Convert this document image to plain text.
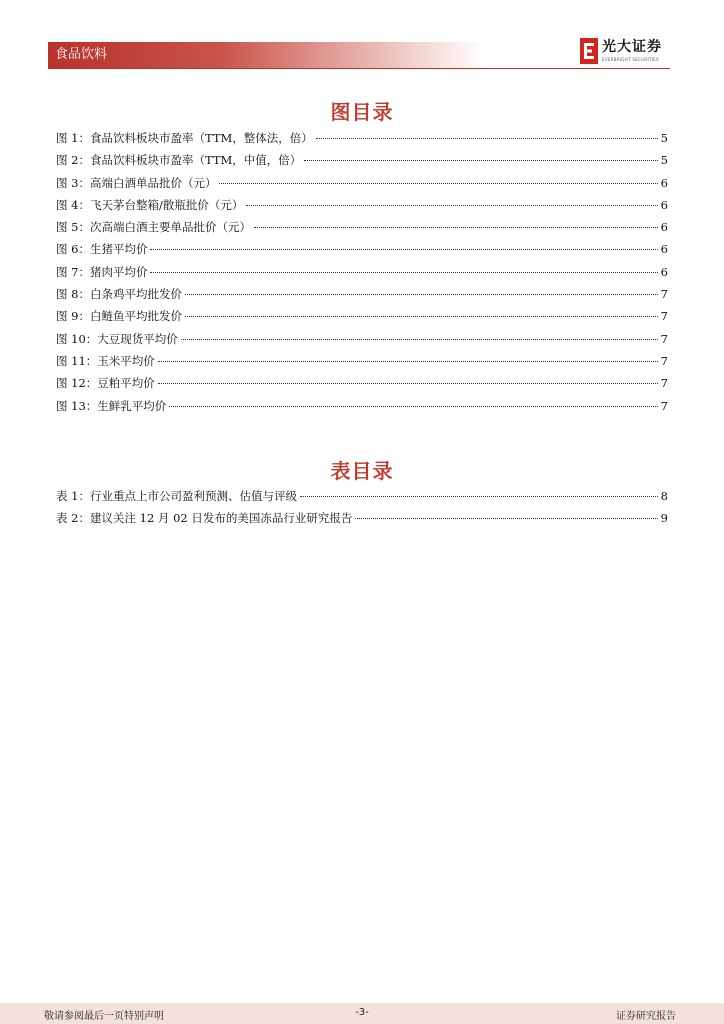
食品饮料	光大证券
EVERBRIGHT SECURITIES
图目录
图 1：食品饮料板块市盈率（TTM，整体法，倍）	5
图 2：食品饮料板块市盈率（TTM，中值，倍）	5
图 3：高端白酒单品批价（元）	6
图 4：飞天茅台整箱/散瓶批价（元）	6
图 5：次高端白酒主要单品批价（元）	6
图 6：生猪平均价	6
图 7：猪肉平均价	6
图 8：白条鸡平均批发价	7
图 9：白鲢鱼平均批发价	7
图 10：大豆现货平均价	7
图 11：玉米平均价	7
图 12：豆粕平均价	7
图 13：生鲜乳平均价	7
表目录
表 1：行业重点上市公司盈利预测、估值与评级	8
表 2：建议关注 12 月 02 日发布的美国冻品行业研究报告	9
敬请参阅最后一页特别声明	-3-	证券研究报告
